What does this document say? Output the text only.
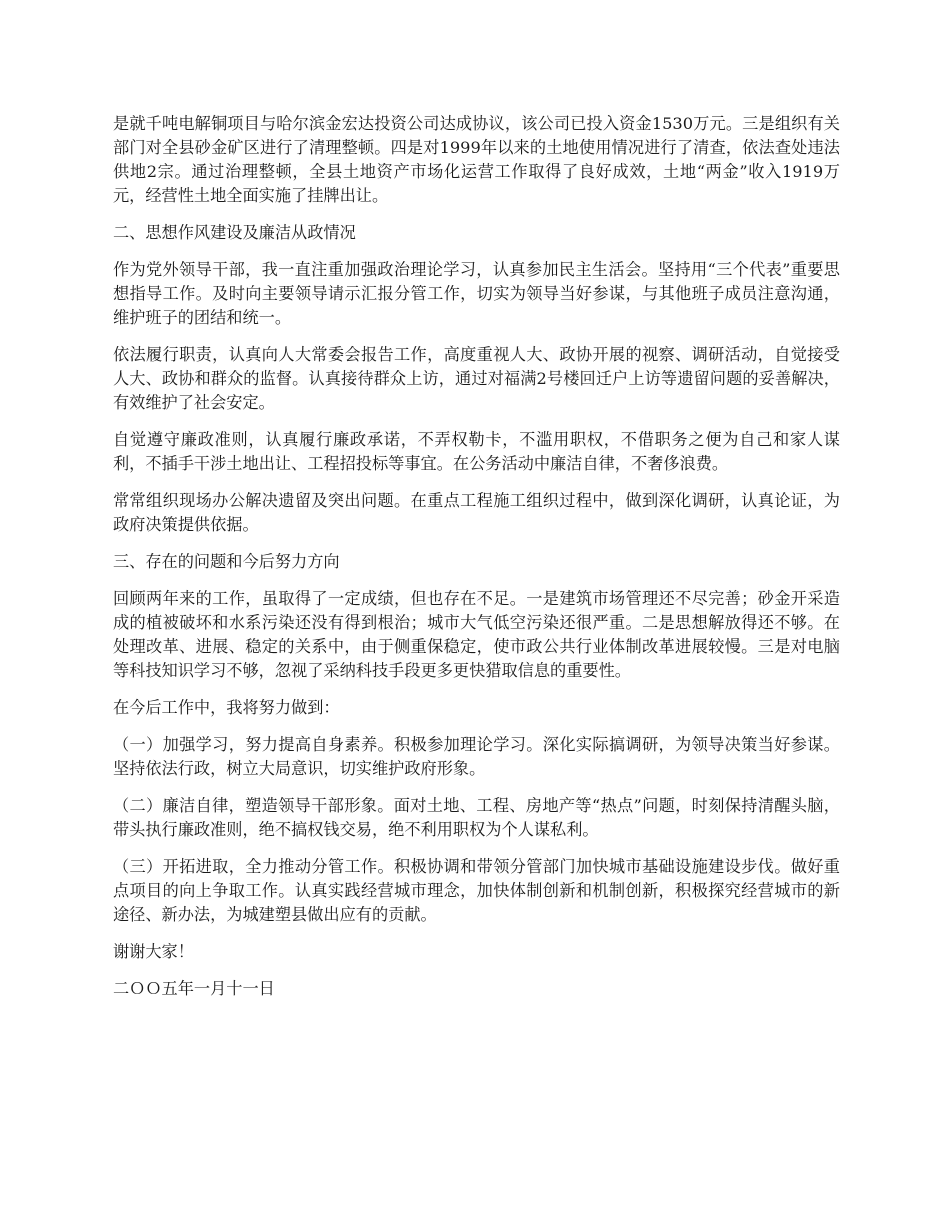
是就千吨电解铜项目与哈尔滨金宏达投资公司达成协议，该公司已投入资金1530万元。三是组织有关部门对全县砂金矿区进行了清理整顿。四是对1999年以来的土地使用情况进行了清查，依法查处违法供地2宗。通过治理整顿，全县土地资产市场化运营工作取得了良好成效，土地“两金”收入1919万元，经营性土地全面实施了挂牌出让。

二、思想作风建设及廉洁从政情况

作为党外领导干部，我一直注重加强政治理论学习，认真参加民主生活会。坚持用“三个代表”重要思想指导工作。及时向主要领导请示汇报分管工作，切实为领导当好参谋，与其他班子成员注意沟通，维护班子的团结和统一。

依法履行职责，认真向人大常委会报告工作，高度重视人大、政协开展的视察、调研活动，自觉接受人大、政协和群众的监督。认真接待群众上访，通过对福满2号楼回迁户上访等遗留问题的妥善解决，有效维护了社会安定。

自觉遵守廉政准则，认真履行廉政承诺，不弄权勒卡，不滥用职权，不借职务之便为自己和家人谋利，不插手干涉土地出让、工程招投标等事宜。在公务活动中廉洁自律，不奢侈浪费。

常常组织现场办公解决遗留及突出问题。在重点工程施工组织过程中，做到深化调研，认真论证，为政府决策提供依据。

三、存在的问题和今后努力方向

回顾两年来的工作，虽取得了一定成绩，但也存在不足。一是建筑市场管理还不尽完善；砂金开采造成的植被破坏和水系污染还没有得到根治；城市大气低空污染还很严重。二是思想解放得还不够。在处理改革、进展、稳定的关系中，由于侧重保稳定，使市政公共行业体制改革进展较慢。三是对电脑等科技知识学习不够，忽视了采纳科技手段更多更快猎取信息的重要性。

在今后工作中，我将努力做到：

（一）加强学习，努力提高自身素养。积极参加理论学习。深化实际搞调研，为领导决策当好参谋。坚持依法行政，树立大局意识，切实维护政府形象。

（二）廉洁自律，塑造领导干部形象。面对土地、工程、房地产等“热点”问题，时刻保持清醒头脑，带头执行廉政准则，绝不搞权钱交易，绝不利用职权为个人谋私利。

（三）开拓进取，全力推动分管工作。积极协调和带领分管部门加快城市基础设施建设步伐。做好重点项目的向上争取工作。认真实践经营城市理念，加快体制创新和机制创新，积极探究经营城市的新途径、新办法，为城建塑县做出应有的贡献。

谢谢大家！

二ＯＯ五年一月十一日
